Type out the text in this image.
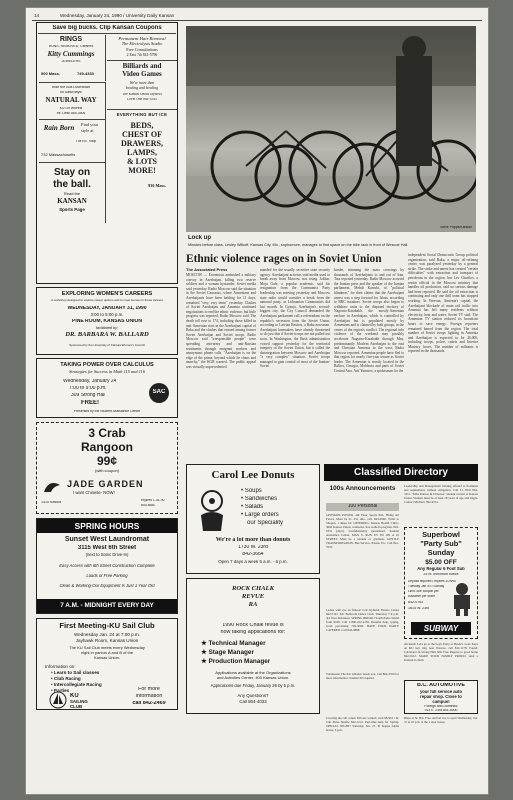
14	Wednesday, January 24, 1990 / University Daily Kansan
Save big bucks. Clip Kansan Coupons
RINGS
RUNS, REMOVED, Cleaned
Kitty Cummings
JEWELERS
900 Mass.	749-4333
Permanent Hair Removal
The Electrolysis Studio
Free Consultations
2 East 7th 841-5796
Billiards and
Video Games
We're more than
bowling and bowling
The Kansas Union Jaybowl
Level One 864-3545
Ride the Bus Downtown
on Saturdays!
NATURAL WAY
KU On Wheels
Inf. Desk 864-3506
Rain Born	Find your
style at
The Etc. Shop
732 Massachusetts
EVERYTHING BUT ICE
BEDS,
CHEST OF
DRAWERS,
LAMPS,
& LOTS
MORE!
936 Mass.
Stay on
the ball.
Read the
KANSAN
Sports Page
EXPLORING WOMEN'S CAREERS
A workshop designed to explore career options and to meet women in those careers
WEDNESDAY, JANUARY 31, 1990
3:00 to 5:00 p.m.
PINE ROOM, KANSAS UNION
facilitated by:
DR. BARBARA W. BALLARD
Sponsored by the University of Kansas Women's Council
TAKING POWER OVER CALCULUS
Strategies for Success in Math 115 and 116
Wednesday, January 24
7:00 to 9:00 p.m.
309 Strong Hall
FREE!
SAC
Presented by the Student Assistance Center
3 Crab
Rangoon
99¢
(with coupon)
JADE GARDEN
I want Chinese- NOW!
1410 Kasold	expires 1-31-90
843-8650
SPRING HOURS
Sunset West Laundromat
3115 West 6th Street
(next to Sonic Drive-In)
Easy Access with 6th Street Construction Complete
Loads of Free Parking
Clean & Working-Our Equipment Is Just 1 Year Old
7 A.M. - MIDNIGHT EVERY DAY
First Meeting-KU Sail Club
Wednesday Jan. 24 at 7:00 p.m.
Jayhawk Room, Kansas Union
The KU Sail Club meets every Wednesday
night in parlors A and B of the
Kansas Union.
Information on:
• Learn to Sail classes
• Club Racing
• Intercollegiate Racing
• Parties
KU
SAILING
CLUB
For more
information
call 842-2469
Steve Puppe/Kansan
Lock up
Minutes before class, Lesley Wilkoff, Kansas City, Mo., sophomore, manages to find space on the bike rack in front of Wescoe Hall.
Ethnic violence rages on in Soviet Union
The Associated Press
MOSCOW — Extremists ambushed a military convoy in Azerbaijan, killing two reserve soldiers and a woman bystander, Soviet media said yesterday. Radio Moscow said the situation in the Soviet Caucasus, where Armenians and Azerbaijanis have been battling for 11 days, remained "very, very tense" yesterday. Clashes of Soviet Azerbaijan and Armenia continued negotiations to end the ethnic violence, but little progress was reported, Radio Moscow said. The death toll rose to 174, including those killed in anti-Armenian riots in the Azerbaijani capital of Baku and the clashes that ensued among former Soviet Azerbaijan and Soviet troops. Radio Moscow said "irresponsible people" were spreading anti-army and anti-Russian sentiments through emigrant workers and anonymous phone calls. "Azerbaijan is on the edge of the prime, beyond which lie chaos and anarchy," the KGB warned. The public appeal was virtually unprecedented
manded for the usually secretive state security agency. Azerbaijani activists said media used to break away from Moscow was rising. Jokhar, Moja Gafe, a popular academic, said his resignation from the Communist Party leadership was meeting yesterday and Moscow state radio would consider a break from the national party, as Lithuanian Communists did last month. In Gyanja, Azerbaijan's second-biggest city, the City Council demanded the Azerbaijani parliament call a referendum on the republic's secession from the Soviet Union, according to Latvian Reuters, a Baku newsman. Azerbaijani lawmakers have already threatened to do just that if Soviet troops are not pulled out soon. In Washington, the Bush administration voiced support yesterday for the territorial integrity of the Soviet Union, but it called the disintegration between Moscow and Azerbaijan "a very complex" situation. Soviet troops managed to gain control of most of the Iranian-Soviet
border, trimming the mass crossings by thousands of Azerbaijanis to and out of Iran, Tass reported yesterday. Radio Moscow accused the Iranian press and the speaker of the Iranian parliament, Mehdi Karrubi, of "political blindness" for their claims that the Azerbaijani unrest was a step forward for Islam, according to BBC monitors. Soviet troops also began to withdraw units to the disputed territory of Nagorno-Karabakh, the mostly-Armenian enclave in Azerbaijan, which is controlled by Azerbaijan but is populated mostly by Armenians and is claimed by both groups, in the center of the region's conflict. The regional info violence of the weekend may possibly accelerate Nagorno-Karabakh through May, predominantly Moslem Azerbaijan to the east and Christian Armenia to the west, Radio Moscow reported. Armenian people have fled to that region for nearly five-year tenure as Soviet leader. The Armenian is mostly located in the Baltics, Georgia, Moldavia and parts of Soviet Central Asia. Arif Yunusov, a spokesman for the
independent Social Democratic Group political organization, said Baku, a major oil-refining center, was paralyzed yesterday by a general strike. The strike and unrest has created "certain difficulties" with extraction and transport of petroleum in the region, but Lev Churilov, a senior official in the Moscow ministry that handles oil production, said no serious damage had been reported. He said the oil extraction is continuing and only one drill team has stopped working. In Yerevan, Armenia's capital, the Azerbaijani blockade of main rail traffic into Armenia has left many residents without electricity, heat and water, Soviet TV said. The Armenian TV station reduced its broadcast hours to save energy. Foreign reporters remained barred from the region. The total number of Soviet troops fighting in Armenia and Azerbaijan is expected to be 26,000, including troops, police, cadets and Interior Ministry forces. The number of militants is reported in the thousands.
Carol Lee Donuts
• Soups
• Sandwiches
• Salads
• Large orders
our Speciality
We're a lot more than donuts
1730 W. 23rd
842-3664
Open 7 days a week 5 a.m. - 6 p.m.
ROCK CHALK
REVUE
RA
1990 Rock Chalk revue is
now taking applications for:
★ Technical Manager
★ Stage Manager
★ Production Manager
Applications available at the Organizations
and Activities Center, 400 Kansas Union.
Applications due Friday, January 26 by 5 p.m.
Any Questions?
Call 864-4033
Classified Directory
100s Announcements
100 Personal
JAYHAWK POWER. 4th Floor Sports Pub. Hiring All Floors, Must be 21. For info, call, 843-0000. Write to Shogun, 1 Rupe Dr. OFFERING: Kansas Health Clinic, 3600 Kansas Union, counselor, free walk-in program. 843-0331 (days). Confidentiality guaranteed. Student Assistance Center. MAX Y. RUN US TO ON A 10 STREET. Must be a student or graduate. GENTLE TRANSPORTATION. Bus Service, Passes, Etc. Call 841-5555.
Ladies with eye on fitness! Call Jayhawk Fitness Center 842-5101. KU Ballroom Dance Club, Thursday 7-9 p.m. 3rd floor Robinson. SPRING BREAK! South Padre Island from $199. Call 1-800-222-4139. Resume help, typing, word processing 749-5066. HAVE YOUR PARTY CATERED. Call 843-9898.
Volunteers! The KU Alliance needs you. Call 864-3550 for more information. Student ID required.
Leadership and Management training offered to freshmen and sophomores without obligation. Call Lt. Hall 864-3311. "Miss Kansas & Universe" student contest at Kansas Union. Women must be at least 18 years of age and single. Contact Michael, 842-9331.
Superbowl
"Party Sub"
Sunday
$5.00 OFF
Any Regular 6 Foot Sub
24 hr. minimum notice
Deposit required • expires 1/29/90
Tuesday Jan 30 • Sunday
Limit: one coupon per
customer per order
842-0763
1814 W. 23rd
SUBWAY
An insult: Let's go to the boys! Party at Hawk's. Lost: Keys on KU key ring near Wescoe, call 842-1178. Found: Calculator in Strong Hall 309. Free Puppies to good home 842-5612. MAKE YOUR FAMILY PROUD, send a Kansan to them.
B.C. AUTOMOTIVE
your full service auto
repair shop. Close to
campus!
Foreign and Domestic
913 E. 23rd 841-6000
Bless at St. Bar. Free. Arrival Joe to open Wednesday, Jan. 31 at 10 p.m. at the 1 door house.
Crossing the call center. Drivers wanted, earn $8-$10 / hr. Call Pizza Shuttle 842-1212. Part-time help for Spring. SPECIAL NIGHT! Saturday, Jan. 27. Pi Kappa Alpha house, 9 p.m.
